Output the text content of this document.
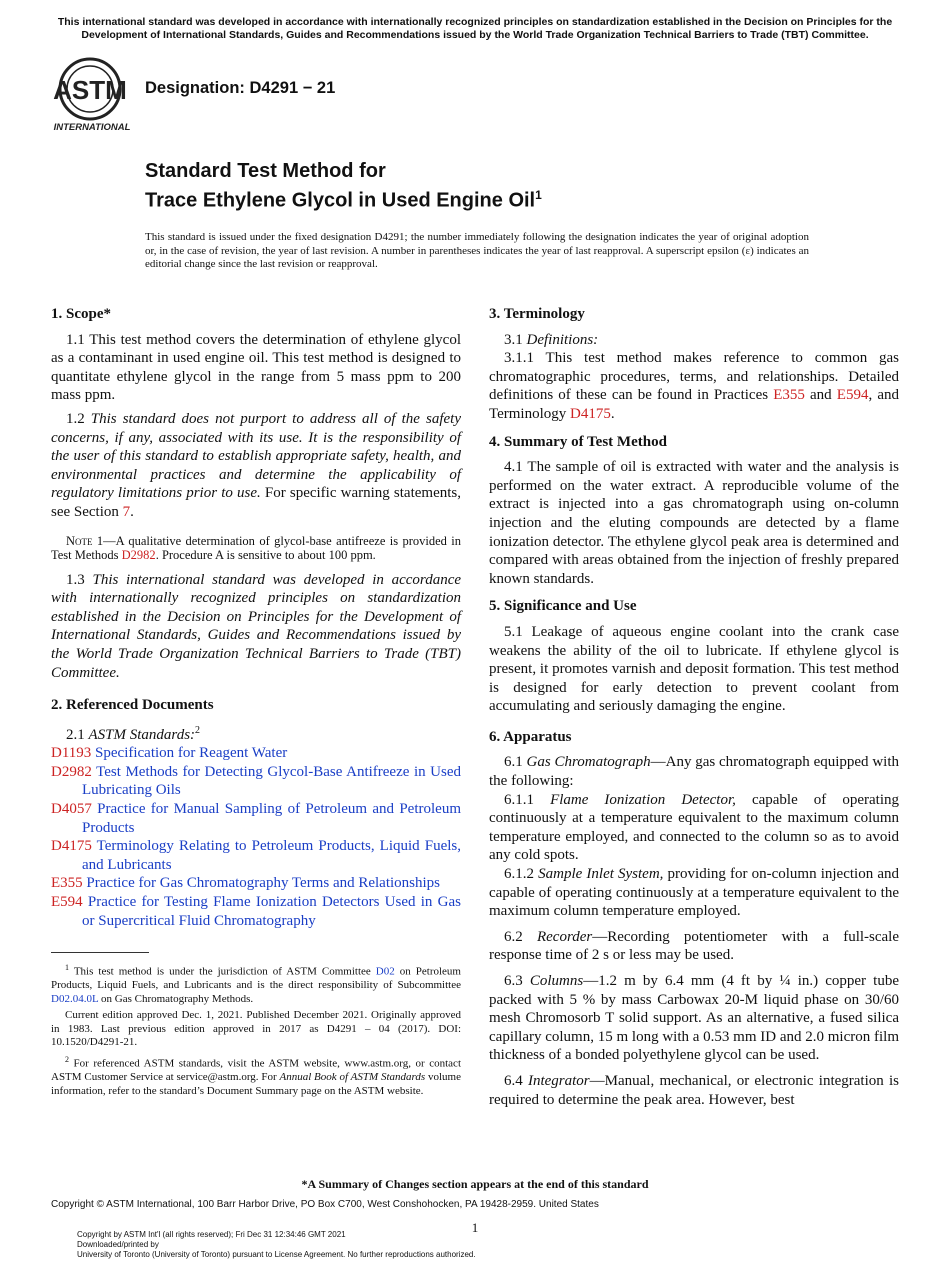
This international standard was developed in accordance with internationally recognized principles on standardization established in the Decision on Principles for the Development of International Standards, Guides and Recommendations issued by the World Trade Organization Technical Barriers to Trade (TBT) Committee.
ASTM
INTERNATIONAL
Designation: D4291 − 21
Standard Test Method for
Trace Ethylene Glycol in Used Engine Oil$^1$
This standard is issued under the fixed designation D4291; the number immediately following the designation indicates the year of original adoption or, in the case of revision, the year of last revision. A number in parentheses indicates the year of last reapproval. A superscript epsilon (ε) indicates an editorial change since the last revision or reapproval.
1. Scope*

1.1 This test method covers the determination of ethylene glycol as a contaminant in used engine oil. This test method is designed to quantitate ethylene glycol in the range from 5 mass ppm to 200 mass ppm.

1.2 This standard does not purport to address all of the safety concerns, if any, associated with its use. It is the responsibility of the user of this standard to establish appropriate safety, health, and environmental practices and determine the applicability of regulatory limitations prior to use. For specific warning statements, see Section 7.

Note 1—A qualitative determination of glycol-base antifreeze is provided in Test Methods D2982. Procedure A is sensitive to about 100 ppm.

1.3 This international standard was developed in accordance with internationally recognized principles on standardization established in the Decision on Principles for the Development of International Standards, Guides and Recommendations issued by the World Trade Organization Technical Barriers to Trade (TBT) Committee.

2. Referenced Documents

2.1 ASTM Standards:$^2$

D1193 Specification for Reagent Water
D2982 Test Methods for Detecting Glycol-Base Antifreeze in Used Lubricating Oils
D4057 Practice for Manual Sampling of Petroleum and Petroleum Products
D4175 Terminology Relating to Petroleum Products, Liquid Fuels, and Lubricants
E355 Practice for Gas Chromatography Terms and Relationships
E594 Practice for Testing Flame Ionization Detectors Used in Gas or Supercritical Fluid Chromatography

$^1$ This test method is under the jurisdiction of ASTM Committee D02 on Petroleum Products, Liquid Fuels, and Lubricants and is the direct responsibility of Subcommittee D02.04.0L on Gas Chromatography Methods.

Current edition approved Dec. 1, 2021. Published December 2021. Originally approved in 1983. Last previous edition approved in 2017 as D4291 – 04 (2017). DOI: 10.1520/D4291-21.

$^2$ For referenced ASTM standards, visit the ASTM website, www.astm.org, or contact ASTM Customer Service at service@astm.org. For Annual Book of ASTM Standards volume information, refer to the standard’s Document Summary page on the ASTM website.

3. Terminology

3.1 Definitions:

3.1.1 This test method makes reference to common gas chromatographic procedures, terms, and relationships. Detailed definitions of these can be found in Practices E355 and E594, and Terminology D4175.

4. Summary of Test Method

4.1 The sample of oil is extracted with water and the analysis is performed on the water extract. A reproducible volume of the extract is injected into a gas chromatograph using on-column injection and the eluting compounds are detected by a flame ionization detector. The ethylene glycol peak area is determined and compared with areas obtained from the injection of freshly prepared known standards.

5. Significance and Use

5.1 Leakage of aqueous engine coolant into the crank case weakens the ability of the oil to lubricate. If ethylene glycol is present, it promotes varnish and deposit formation. This test method is designed for early detection to prevent coolant from accumulating and seriously damaging the engine.

6. Apparatus

6.1 Gas Chromatograph—Any gas chromatograph equipped with the following:

6.1.1 Flame Ionization Detector, capable of operating continuously at a temperature equivalent to the maximum column temperature employed, and connected to the column so as to avoid any cold spots.

6.1.2 Sample Inlet System, providing for on-column injection and capable of operating continuously at a temperature equivalent to the maximum column temperature employed.

6.2 Recorder—Recording potentiometer with a full-scale response time of 2 s or less may be used.

6.3 Columns—1.2 m by 6.4 mm (4 ft by ¼ in.) copper tube packed with 5 % by mass Carbowax 20-M liquid phase on 30/60 mesh Chromosorb T solid support. As an alternative, a fused silica capillary column, 15 m long with a 0.53 mm ID and 2.0 micron film thickness of a bonded polyethylene glycol can be used.

6.4 Integrator—Manual, mechanical, or electronic integration is required to determine the peak area. However, best

*A Summary of Changes section appears at the end of this standard
Copyright © ASTM International, 100 Barr Harbor Drive, PO Box C700, West Conshohocken, PA 19428-2959. United States
1
Copyright by ASTM Int'l (all rights reserved); Fri Dec 31 12:34:46 GMT 2021
Downloaded/printed by
University of Toronto (University of Toronto) pursuant to License Agreement. No further reproductions authorized.
